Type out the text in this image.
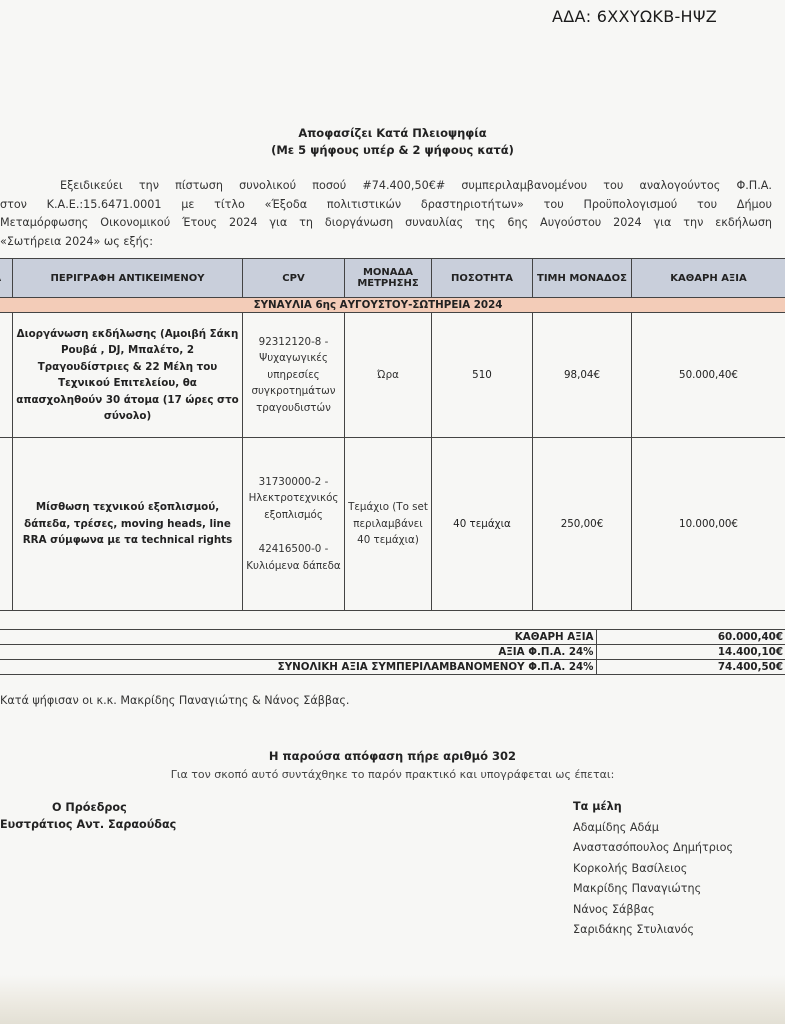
ΑΔΑ: 6ΧΧΥΩΚΒ-ΗΨΖ
Αποφασίζει Κατά Πλειοψηφία
(Με 5 ψήφους υπέρ & 2 ψήφους κατά)
Εξειδικεύει την πίστωση συνολικού ποσού #74.400,50€# συμπεριλαμβανομένου του αναλογούντος Φ.Π.Α.
στον Κ.Α.Ε.:15.6471.0001 με τίτλο «Έξοδα πολιτιστικών δραστηριοτήτων» του Προϋπολογισμού του Δήμου
Μεταμόρφωσης Οικονομικού Έτους 2024 για τη διοργάνωση συναυλίας της 6ης Αυγούστου 2024 για την εκδήλωση
«Σωτήρεια 2024» ως εξής:
	ΠΕΡΙΓΡΑΦΗ ΑΝΤΙΚΕΙΜΕΝΟΥ	CPV	ΜΟΝΑΔΑ ΜΕΤΡΗΣΗΣ	ΠΟΣΟΤΗΤΑ	ΤΙΜΗ ΜΟΝΑΔΟΣ	ΚΑΘΑΡΗ ΑΞΙΑ
ΣΥΝΑΥΛΙΑ 6ης ΑΥΓΟΥΣΤΟΥ-ΣΩΤΗΡΕΙΑ 2024						
	Διοργάνωση εκδήλωσης (Αμοιβή Σάκη Ρουβά , DJ, Μπαλέτο, 2 Τραγουδίστριες & 22 Μέλη του Τεχνικού Επιτελείου, θα απασχοληθούν 30 άτομα (17 ώρες στο σύνολο)	92312120-8 - Ψυχαγωγικές υπηρεσίες συγκροτημάτων τραγουδιστών	Ώρα	510	98,04€	50.000,40€
	Μίσθωση τεχνικού εξοπλισμού, δάπεδα, τρέσες, moving heads, line RRA σύμφωνα με τα technical rights	31730000-2 - Ηλεκτροτεχνικός εξοπλισμός
42416500-0 - Κυλιόμενα δάπεδα	Τεμάχιο (Το set περιλαμβάνει 40 τεμάχια)	40 τεμάχια	250,00€	10.000,00€
ΚΑΘΑΡΗ ΑΞΙΑ	60.000,40€
ΑΞΙΑ Φ.Π.Α. 24%	14.400,10€
ΣΥΝΟΛΙΚΗ ΑΞΙΑ ΣΥΜΠΕΡΙΛΑΜΒΑΝΟΜΕΝΟΥ Φ.Π.Α. 24%	74.400,50€
Κατά ψήφισαν οι κ.κ. Μακρίδης Παναγιώτης & Νάνος Σάββας.
Η παρούσα απόφαση πήρε αριθμό 302
Για τον σκοπό αυτό συντάχθηκε το παρόν πρακτικό και υπογράφεται ως έπεται:
Ο Πρόεδρος
Ευστράτιος Αντ. Σαραούδας
Τα μέλη
Αδαμίδης Αδάμ
Αναστασόπουλος Δημήτριος
Κορκολής Βασίλειος
Μακρίδης Παναγιώτης
Νάνος Σάββας
Σαριδάκης Στυλιανός
